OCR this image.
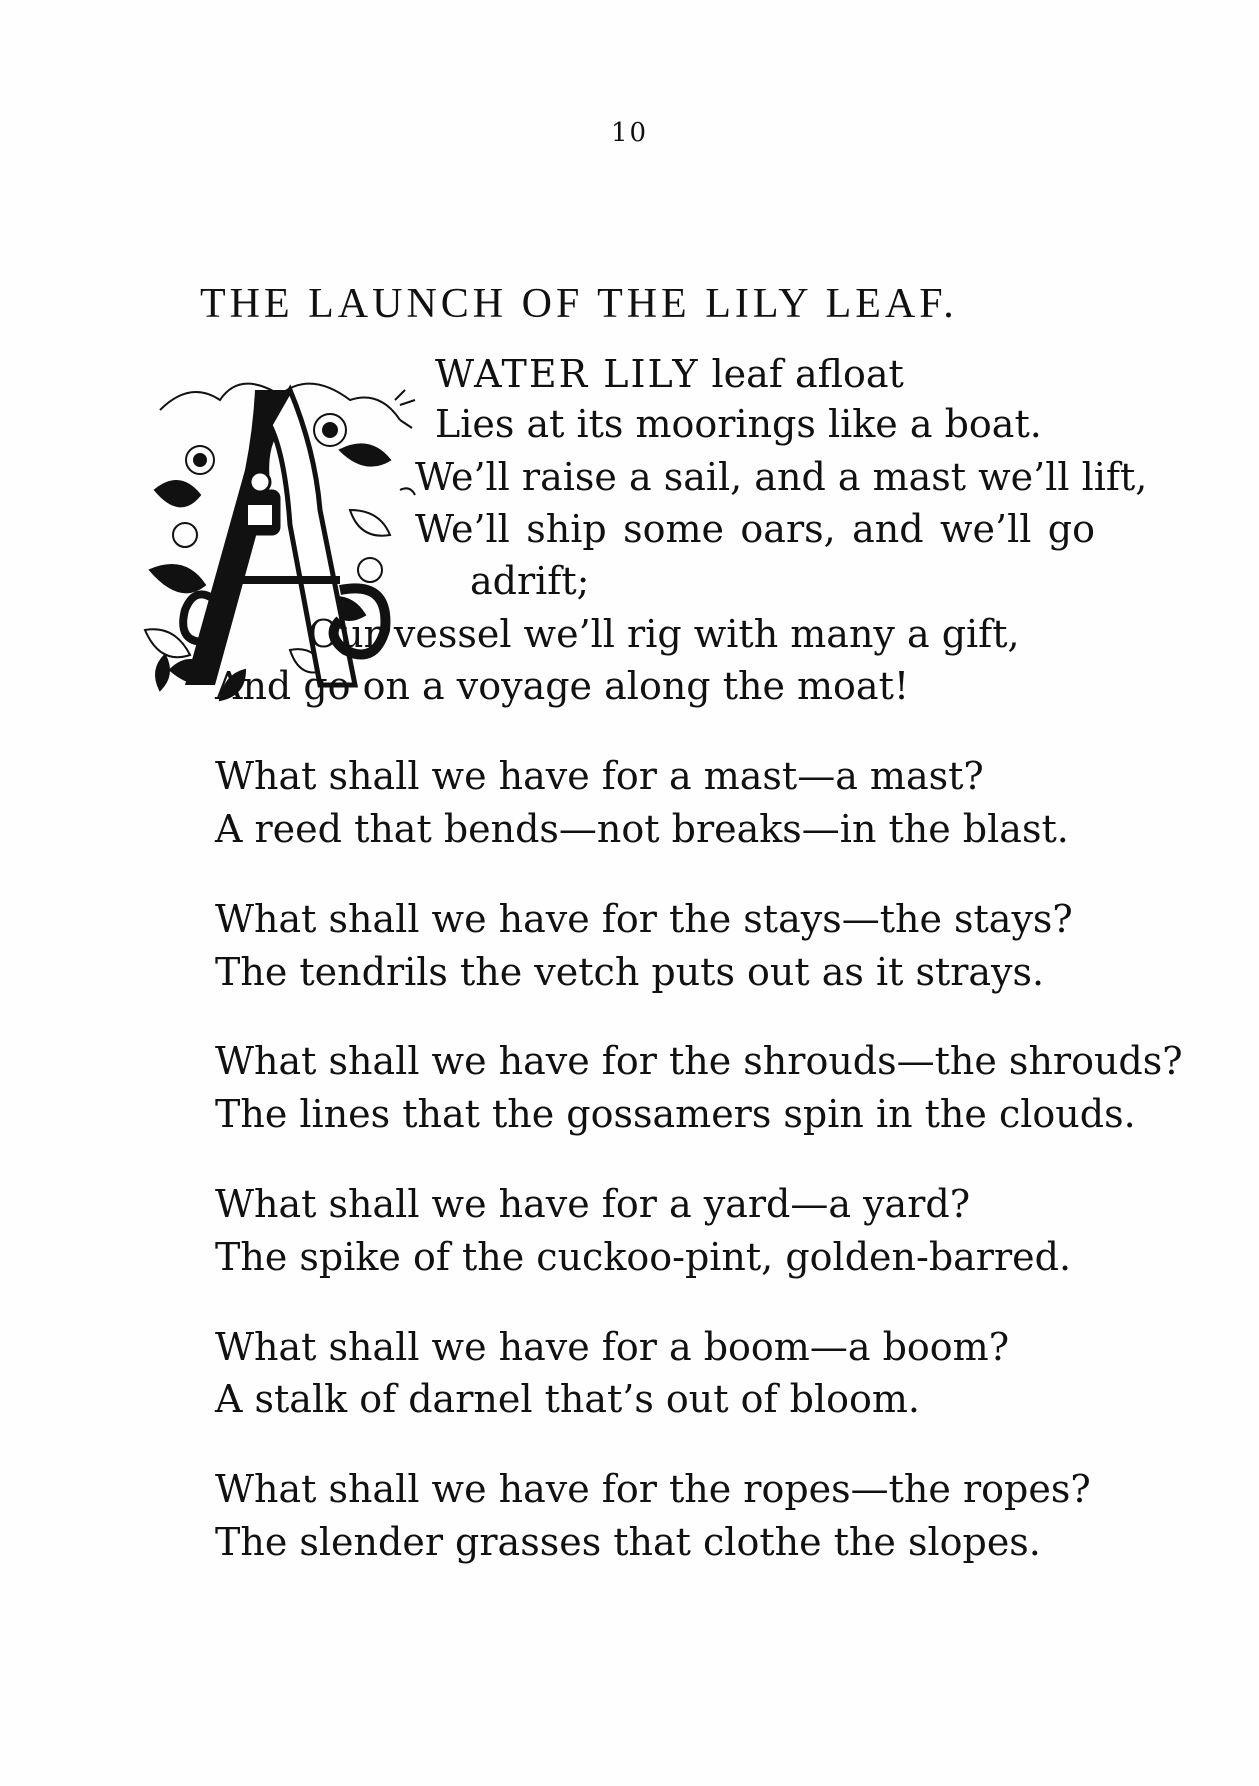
10
THE LAUNCH OF THE LILY LEAF.
WATER LILY leaf afloat
Lies at its moorings like a boat.
We’ll raise a sail, and a mast we’ll lift,
We’ll ship some oars, and we’ll go
adrift;
Our vessel we’ll rig with many a gift,
And go on a voyage along the moat!
What shall we have for a mast—a mast?
A reed that bends—not breaks—in the blast.
What shall we have for the stays—the stays?
The tendrils the vetch puts out as it strays.
What shall we have for the shrouds—the shrouds?
The lines that the gossamers spin in the clouds.
What shall we have for a yard—a yard?
The spike of the cuckoo-pint, golden-barred.
What shall we have for a boom—a boom?
A stalk of darnel that’s out of bloom.
What shall we have for the ropes—the ropes?
The slender grasses that clothe the slopes.
